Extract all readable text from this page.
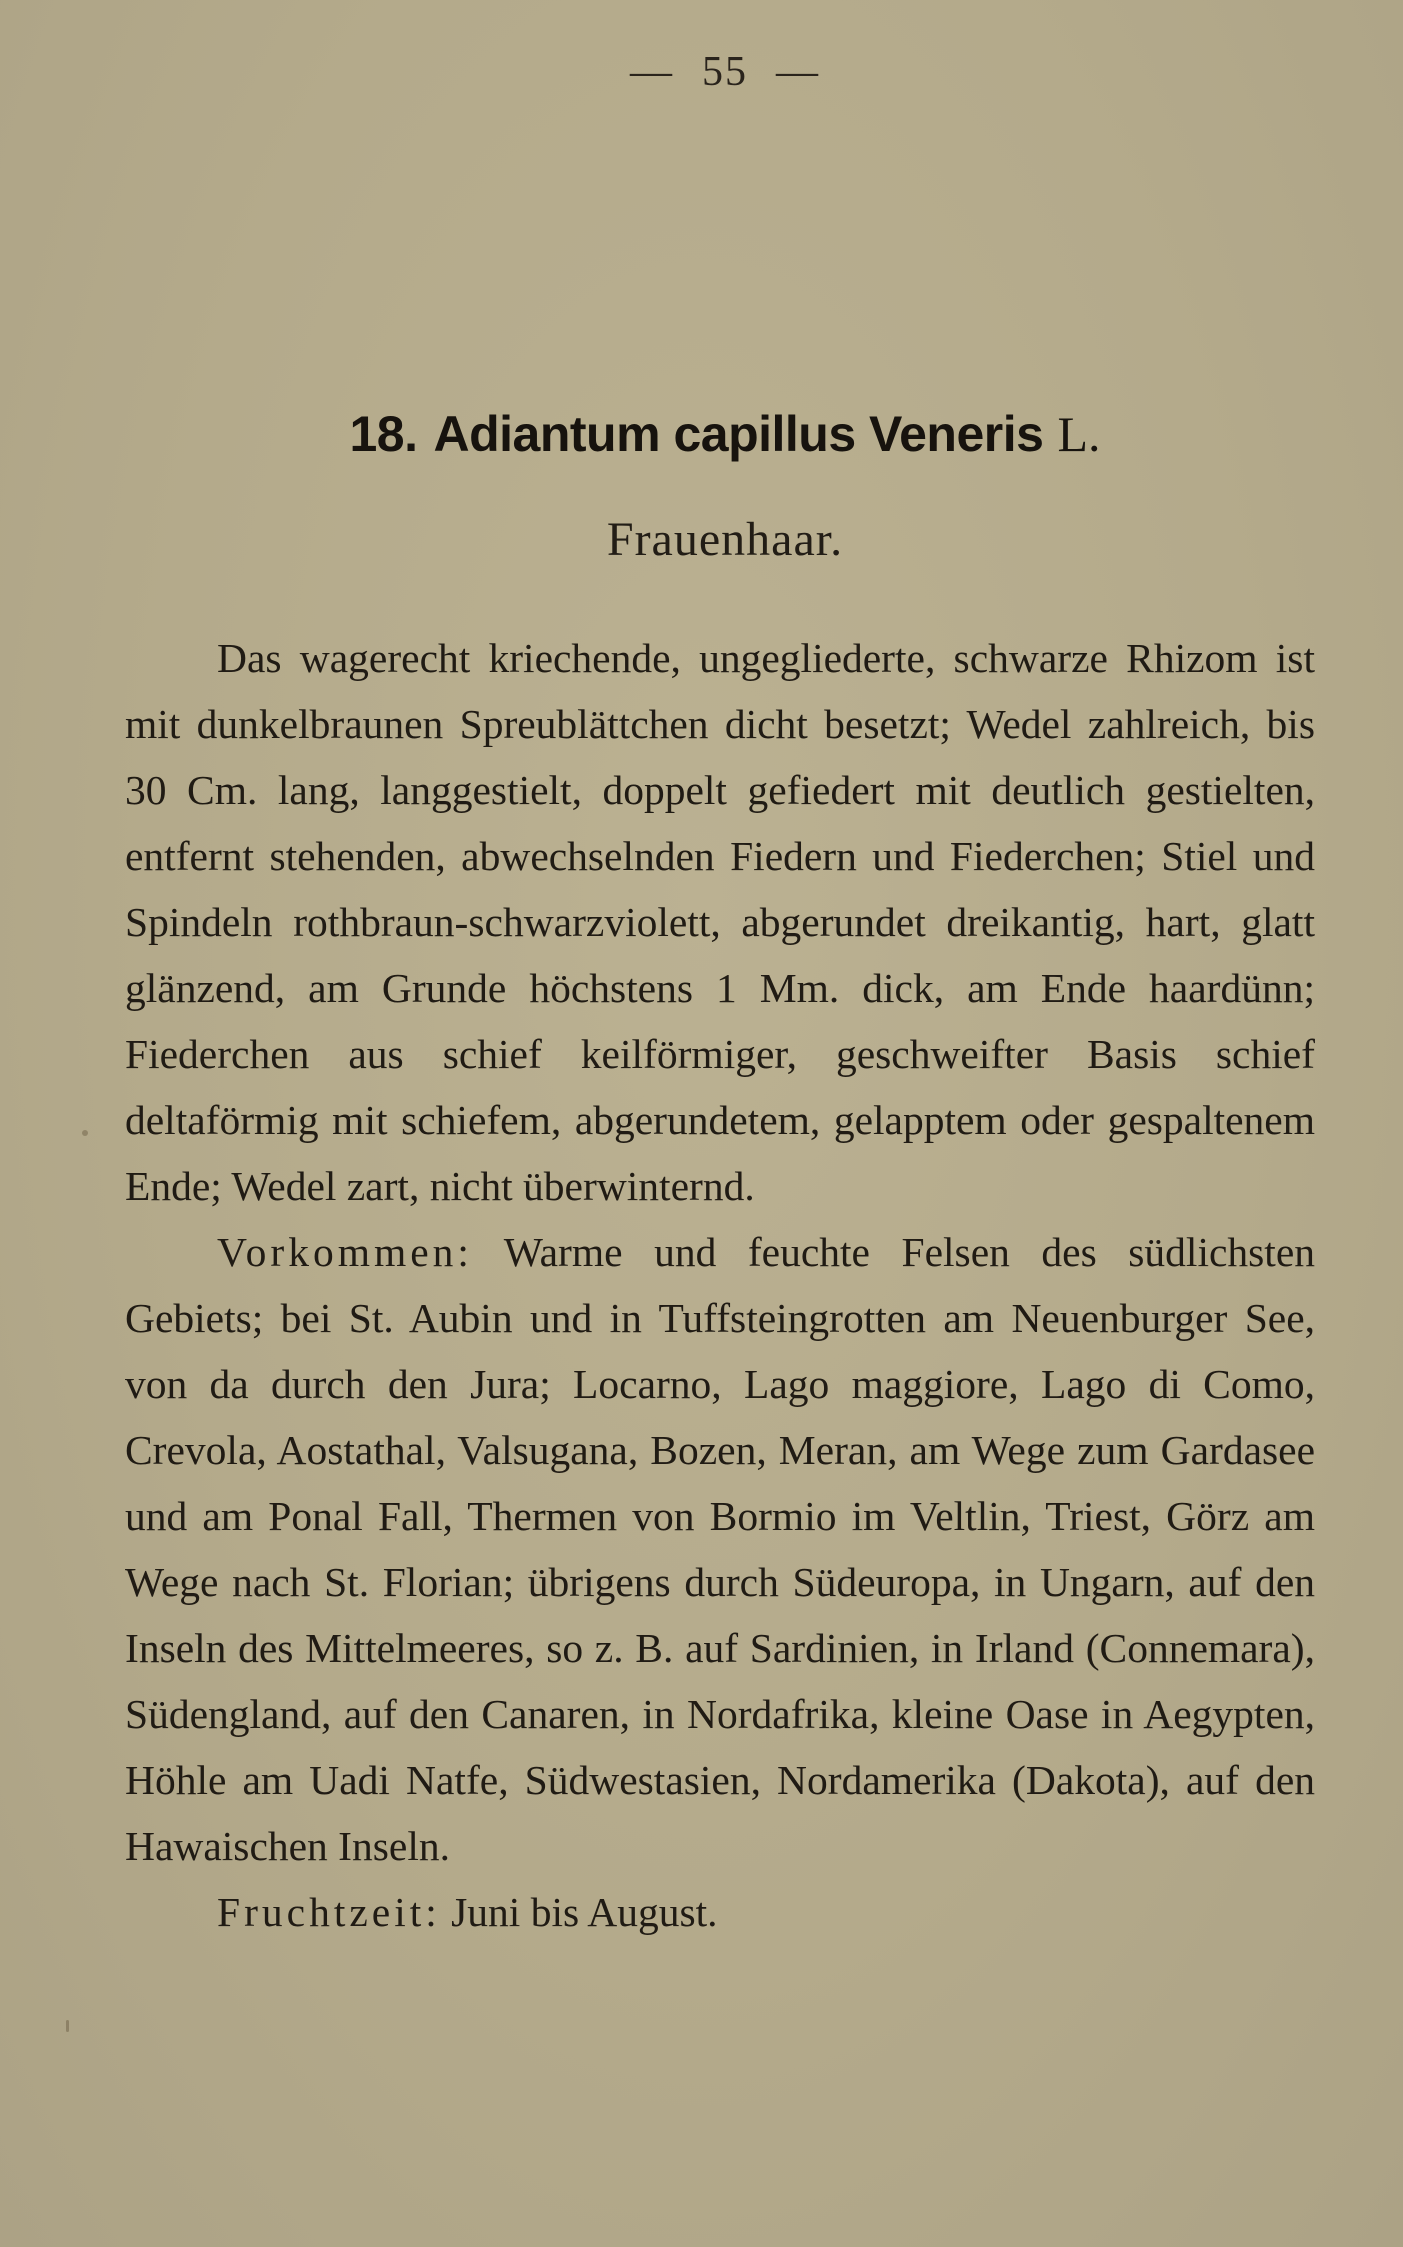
— 55 —
18. Adiantum capillus Veneris L.
Frauenhaar.

Das wagerecht kriechende, ungegliederte, schwarze Rhizom ist mit dunkelbraunen Spreublättchen dicht besetzt; Wedel zahlreich, bis 30 Cm. lang, langgestielt, doppelt gefiedert mit deutlich gestielten, entfernt stehenden, abwechselnden Fiedern und Fiederchen; Stiel und Spindeln rothbraun-schwarzviolett, abgerundet dreikantig, hart, glatt glänzend, am Grunde höchstens 1 Mm. dick, am Ende haardünn; Fiederchen aus schief keilförmiger, geschweifter Basis schief deltaförmig mit schiefem, abgerundetem, gelapptem oder gespaltenem Ende; Wedel zart, nicht überwinternd.

Vorkommen: Warme und feuchte Felsen des südlichsten Gebiets; bei St. Aubin und in Tuffsteingrotten am Neuenburger See, von da durch den Jura; Locarno, Lago maggiore, Lago di Como, Crevola, Aostathal, Valsugana, Bozen, Meran, am Wege zum Gardasee und am Ponal Fall, Thermen von Bormio im Veltlin, Triest, Görz am Wege nach St. Florian; übrigens durch Südeuropa, in Ungarn, auf den Inseln des Mittelmeeres, so z. B. auf Sardinien, in Irland (Connemara), Südengland, auf den Canaren, in Nordafrika, kleine Oase in Aegypten, Höhle am Uadi Natfe, Südwestasien, Nordamerika (Dakota), auf den Hawaischen Inseln.

Fruchtzeit: Juni bis August.
